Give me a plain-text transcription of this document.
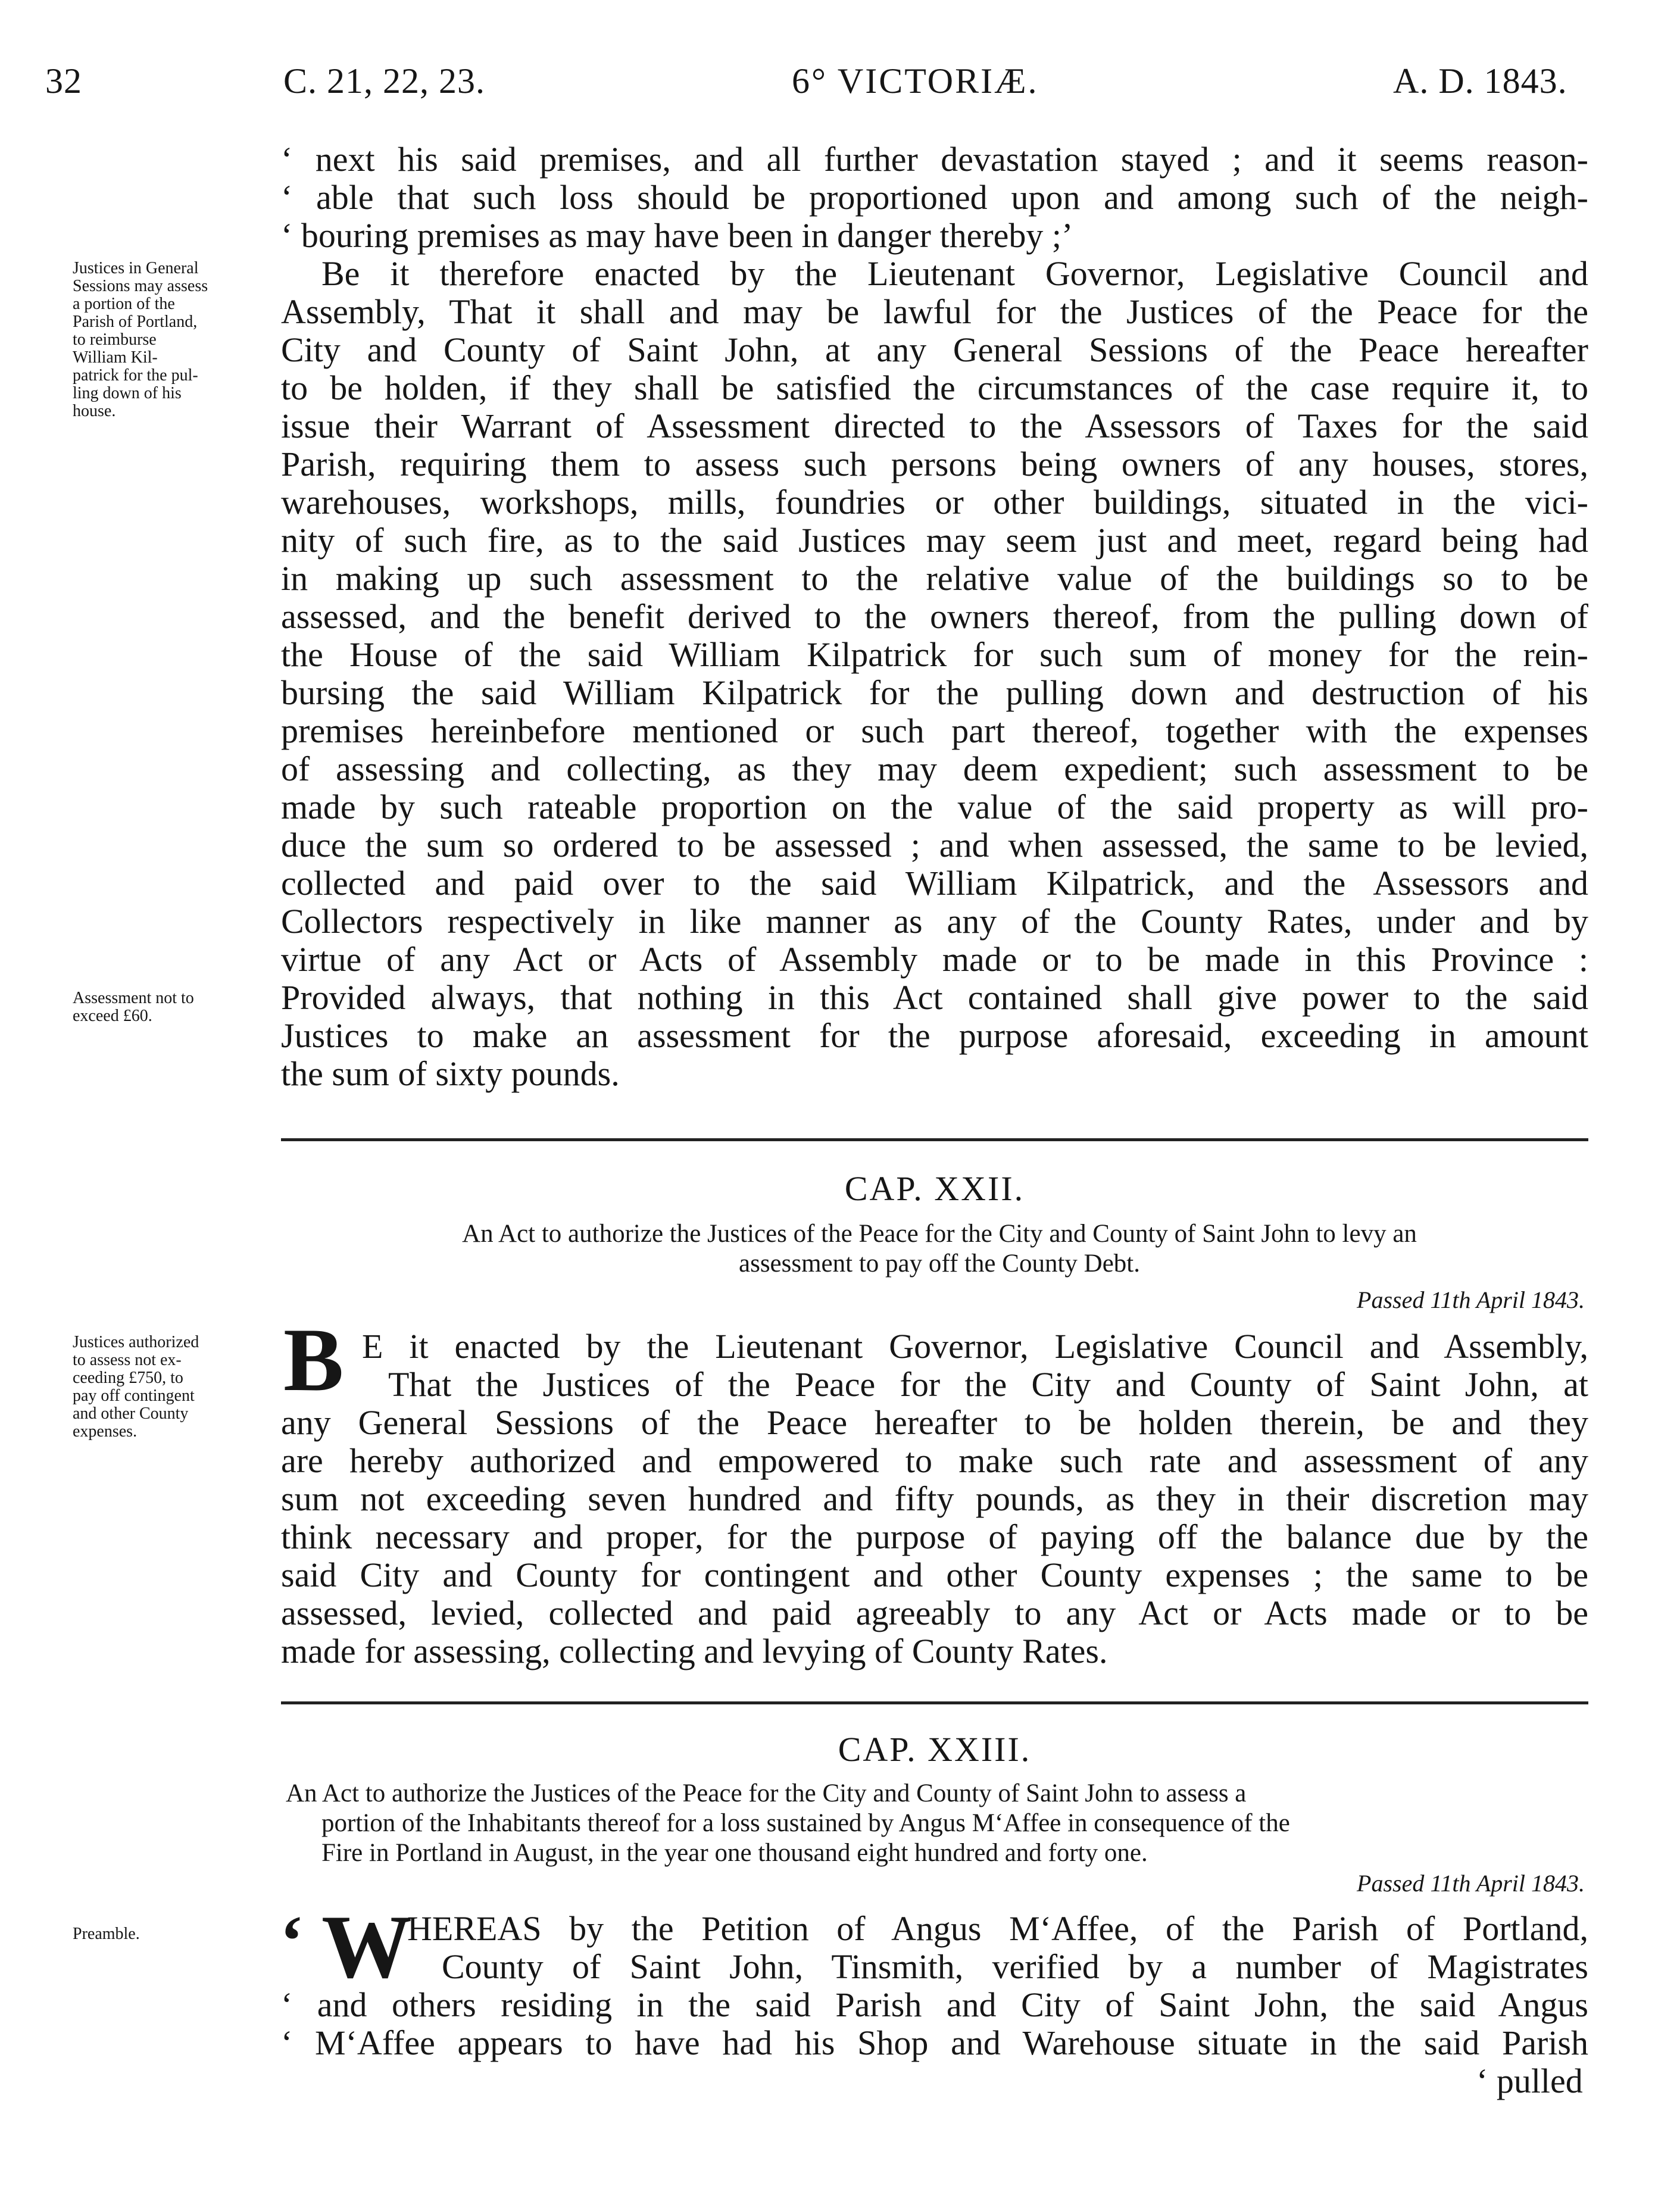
32	C. 21, 22, 23.	6° VICTORIÆ.	A. D. 1843.
‘ next his said premises, and all further devastation stayed ; and it seems reason-
‘ able that such loss should be proportioned upon and among such of the neigh-
‘ bouring premises as may have been in danger thereby ;’
Be it therefore enacted by the Lieutenant Governor, Legislative Council and
Assembly, That it shall and may be lawful for the Justices of the Peace for the
City and County of Saint John, at any General Sessions of the Peace hereafter
to be holden, if they shall be satisfied the circumstances of the case require it, to
issue their Warrant of Assessment directed to the Assessors of Taxes for the said
Parish, requiring them to assess such persons being owners of any houses, stores,
warehouses, workshops, mills, foundries or other buildings, situated in the vici-
nity of such fire, as to the said Justices may seem just and meet, regard being had
in making up such assessment to the relative value of the buildings so to be
assessed, and the benefit derived to the owners thereof, from the pulling down of
the House of the said William Kilpatrick for such sum of money for the rein-
bursing the said William Kilpatrick for the pulling down and destruction of his
premises hereinbefore mentioned or such part thereof, together with the expenses
of assessing and collecting, as they may deem expedient; such assessment to be
made by such rateable proportion on the value of the said property as will pro-
duce the sum so ordered to be assessed ; and when assessed, the same to be levied,
collected and paid over to the said William Kilpatrick, and the Assessors and
Collectors respectively in like manner as any of the County Rates, under and by
virtue of any Act or Acts of Assembly made or to be made in this Province :
Provided always, that nothing in this Act contained shall give power to the said
Justices to make an assessment for the purpose aforesaid, exceeding in amount
the sum of sixty pounds.
Justices in General
Sessions may assess
a portion of the
Parish of Portland,
to reimburse
William Kil-
patrick for the pul-
ling down of his
house.
Assessment not to
exceed £60.
CAP. XXII.
An Act to authorize the Justices of the Peace for the City and County of Saint John to levy an
assessment to pay off the County Debt.
Passed 11th April 1843.
Justices authorized
to assess not ex-
ceeding £750, to
pay off contingent
and other County
expenses.
B E it enacted by the Lieutenant Governor, Legislative Council and Assembly,
That the Justices of the Peace for the City and County of Saint John, at
any General Sessions of the Peace hereafter to be holden therein, be and they
are hereby authorized and empowered to make such rate and assessment of any
sum not exceeding seven hundred and fifty pounds, as they in their discretion may
think necessary and proper, for the purpose of paying off the balance due by the
said City and County for contingent and other County expenses ; the same to be
assessed, levied, collected and paid agreeably to any Act or Acts made or to be
made for assessing, collecting and levying of County Rates.
CAP. XXIII.
An Act to authorize the Justices of the Peace for the City and County of Saint John to assess a
portion of the Inhabitants thereof for a loss sustained by Angus M‘Affee in consequence of the
Fire in Portland in August, in the year one thousand eight hundred and forty one.
Passed 11th April 1843.
Preamble.	‘ W
HEREAS by the Petition of Angus M‘Affee, of the Parish of Portland,
County of Saint John, Tinsmith, verified by a number of Magistrates
‘ and others residing in the said Parish and City of Saint John, the said Angus
‘ M‘Affee appears to have had his Shop and Warehouse situate in the said Parish
‘ pulled
